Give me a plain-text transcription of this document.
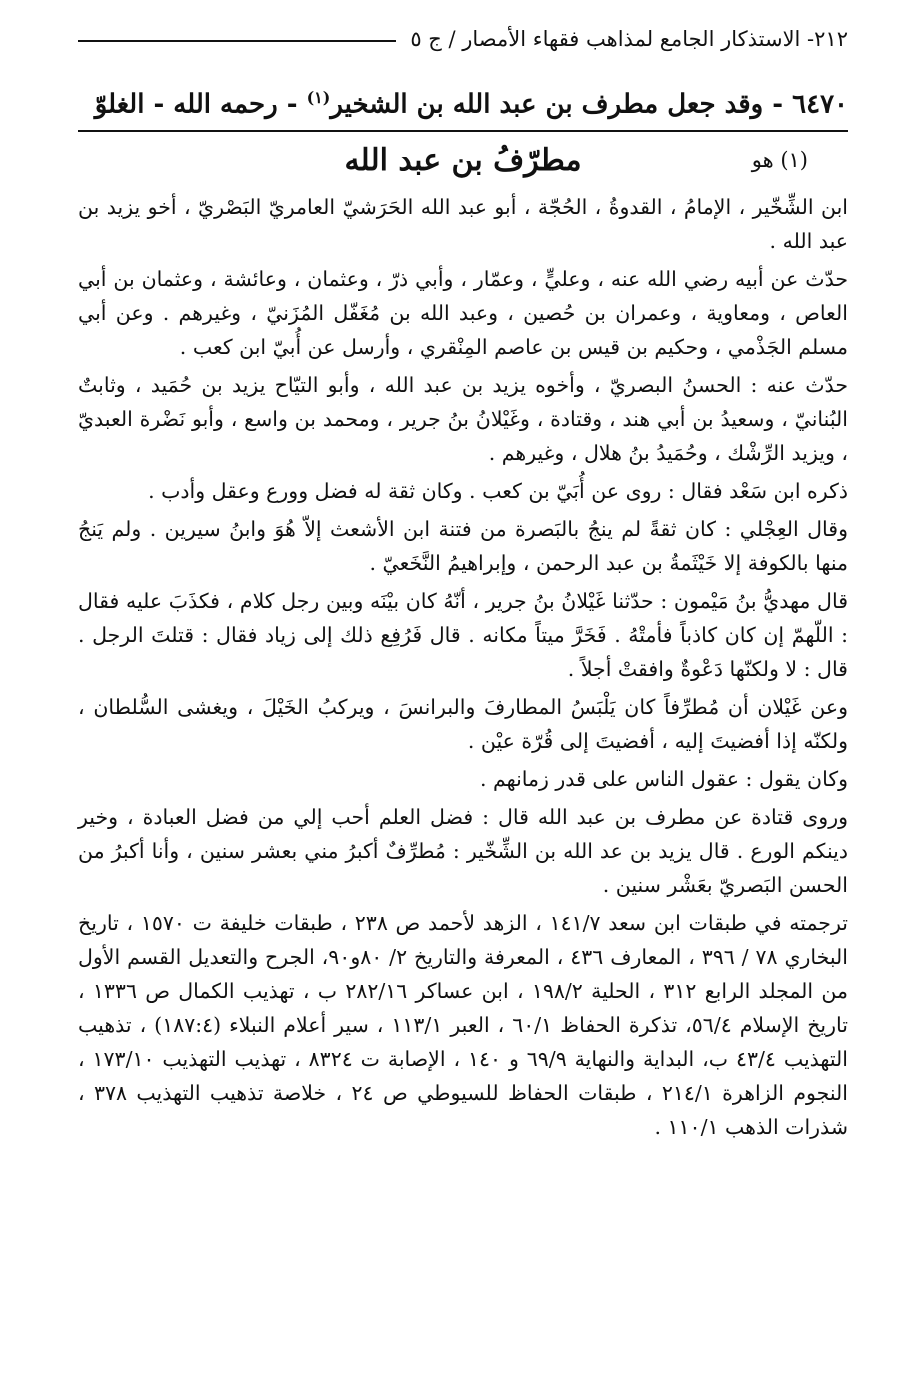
٢١٢- الاستذكار الجامع لمذاهب فقهاء الأمصار / ج ٥
٦٤٧٠ - وقد جعل مطرف بن عبد الله بن الشخير$^{(١)}$ - رحمه الله - الغلوّ
(١) هو
مطرّفُ بن عبد الله

ابن الشِّخّير ، الإمامُ ، القدوةُ ، الحُجّة ، أبو عبد الله الحَرَشيّ العامريّ البَصْريّ ، أخو يزيد بن عبد الله .

حدّث عن أبيه رضي الله عنه ، وعليٍّ ، وعمّار ، وأبي ذرّ ، وعثمان ، وعائشة ، وعثمان بن أبي العاص ، ومعاوية ، وعمران بن حُصين ، وعبد الله بن مُغَفّل المُزَنيّ ، وغيرهم . وعن أبي مسلم الجَذْمي ، وحكيم بن قيس بن عاصم المِنْقري ، وأرسل عن أُبيّ ابن كعب .

حدّث عنه : الحسنُ البصريّ ، وأخوه يزيد بن عبد الله ، وأبو التيّاح يزيد بن حُمَيد ، وثابتٌ البُنانيّ ، وسعيدُ بن أبي هند ، وقتادة ، وغَيْلانُ بنُ جرير ، ومحمد بن واسع ، وأبو نَضْرة العبديّ ، ويزيد الرِّشْك ، وحُمَيدُ بنُ هلال ، وغيرهم .

ذكره ابن سَعْد فقال : روى عن أُبَيّ بن كعب . وكان ثقة له فضل وورع وعقل وأدب .

وقال العِجْلي : كان ثقةً لم ينجُ بالبَصرة من فتنة ابن الأشعث إلاّ هُوَ وابنُ سيرين . ولم يَنجُ منها بالكوفة إلا خَيْثَمةُ بن عبد الرحمن ، وإبراهيمُ النَّخَعيّ .

قال مهديُّ بنُ مَيْمون : حدّثنا غَيْلانُ بنُ جرير ، أنّهُ كان بيْنَه وبين رجل كلام ، فكذَبَ عليه فقال : اللّهمّ إن كان كاذباً فأمتْهُ . فَخَرَّ ميتاً مكانه . قال فَرُفِع ذلك إلى زياد فقال : قتلتَ الرجل . قال : لا ولكنّها دَعْوةٌ وافقتْ أجلاً .

وعن غَيْلان أن مُطرِّفاً كان يَلْبَسُ المطارفَ والبرانسَ ، ويركبُ الخَيْلَ ، ويغشى السُّلطان ، ولكنّه إذا أفضيتَ إليه ، أفضيتَ إلى قُرّة عيْن .

وكان يقول : عقول الناس على قدر زمانهم .

وروى قتادة عن مطرف بن عبد الله قال : فضل العلم أحب إلي من فضل العبادة ، وخير دينكم الورع . قال يزيد بن عد الله بن الشِّخّير : مُطرِّفٌ أكبرُ مني بعشر سنين ، وأنا أكبرُ من الحسن البَصريّ بعَشْر سنين .

ترجمته في طبقات ابن سعد ١٤١/٧ ، الزهد لأحمد ص ٢٣٨ ، طبقات خليفة ت ١٥٧٠ ، تاريخ البخاري ٧٨ / ٣٩٦ ، المعارف ٤٣٦ ، المعرفة والتاريخ ٢/ ٨٠و٩٠، الجرح والتعديل القسم الأول من المجلد الرابع ٣١٢ ، الحلية ١٩٨/٢ ، ابن عساكر ٢٨٢/١٦ ب ، تهذيب الكمال ص ١٣٣٦ ، تاريخ الإسلام ٥٦/٤، تذكرة الحفاظ ٦٠/١ ، العبر ١١٣/١ ، سير أعلام النبلاء (١٨٧:٤) ، تذهيب التهذيب ٤٣/٤ ب، البداية والنهاية ٦٩/٩ و ١٤٠ ، الإصابة ت ٨٣٢٤ ، تهذيب التهذيب ١٧٣/١٠ ، النجوم الزاهرة ٢١٤/١ ، طبقات الحفاظ للسيوطي ص ٢٤ ، خلاصة تذهيب التهذيب ٣٧٨ ، شذرات الذهب ١١٠/١ .
